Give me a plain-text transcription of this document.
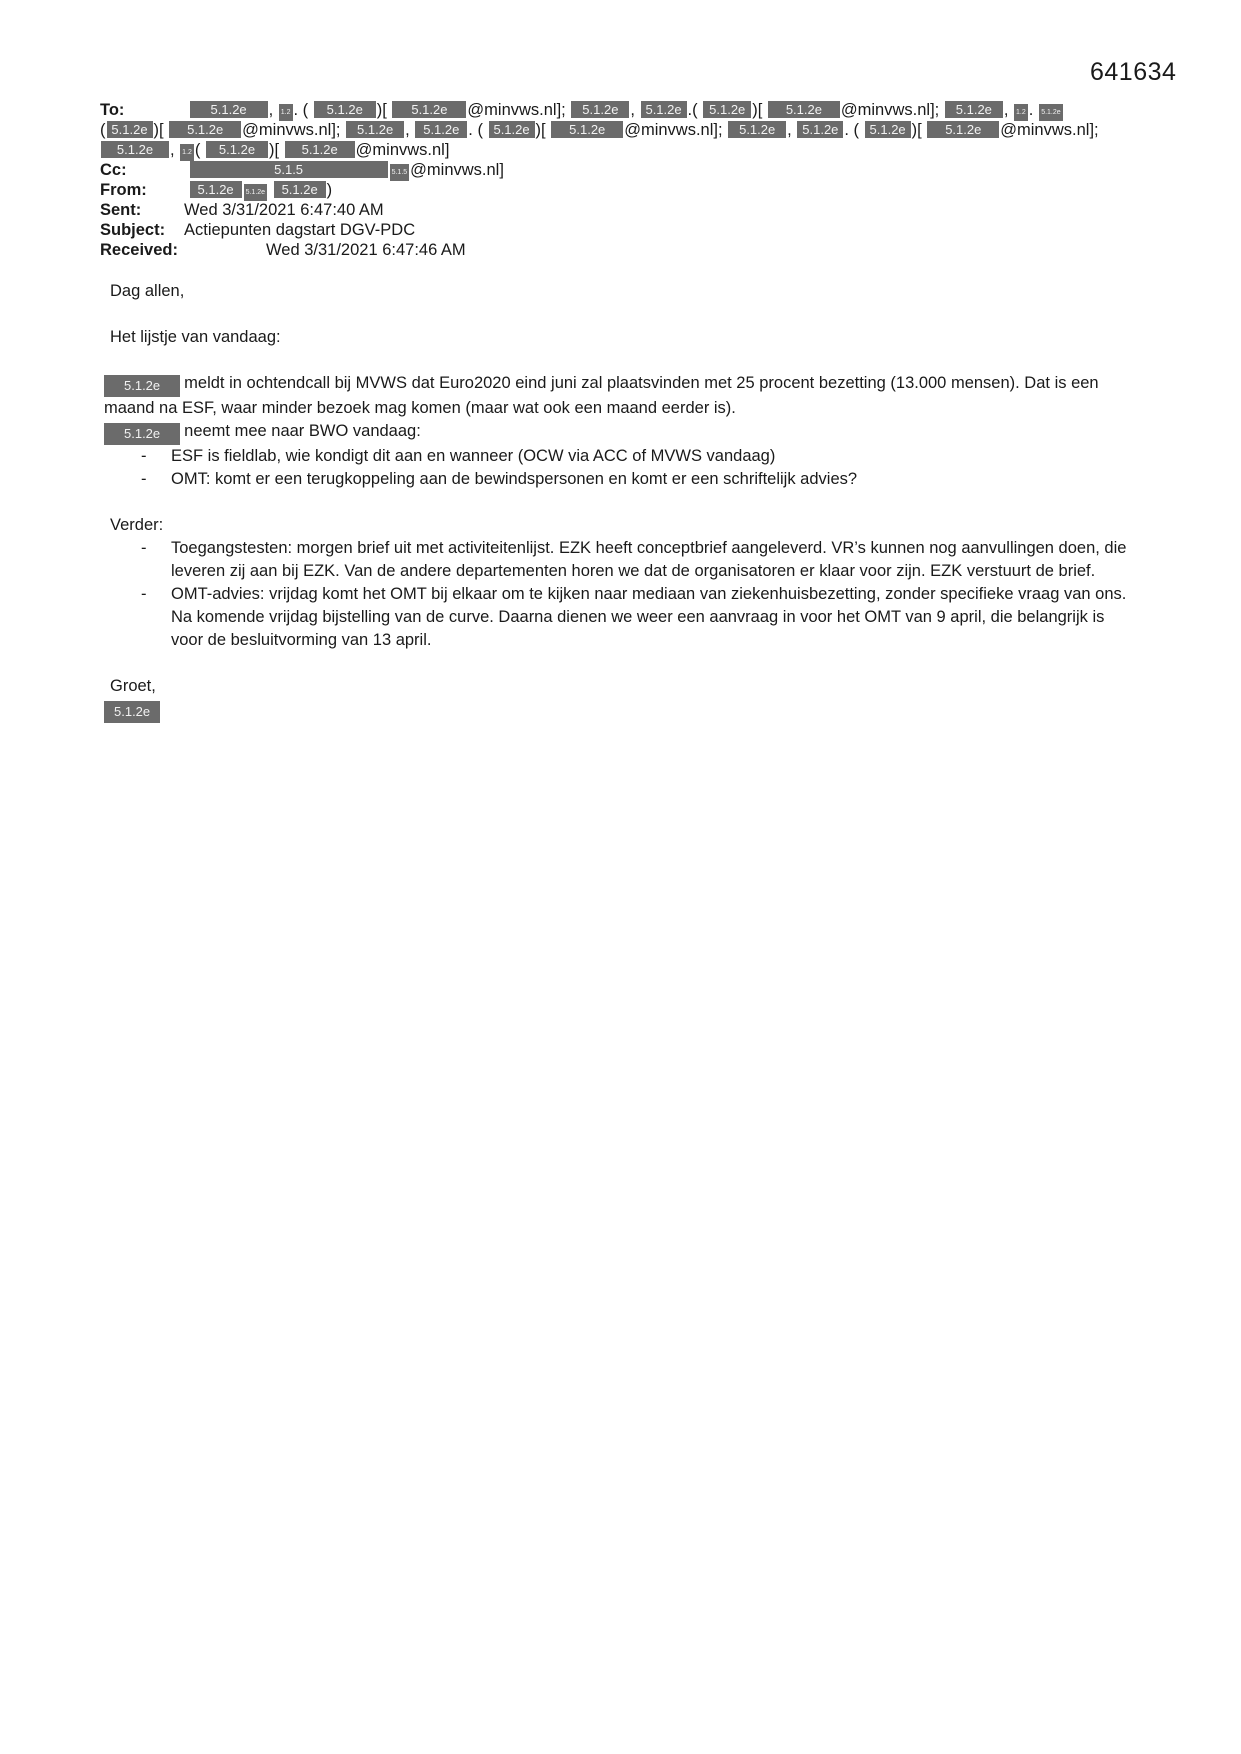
641634
To:	5.1.2e , 1.2 . ( 5.1.2e )[ 5.1.2e @minvws.nl]; 5.1.2e , 5.1.2e .( 5.1.2e )[ 5.1.2e @minvws.nl]; 5.1.2e , 1.2 . 5.1.2e
( 5.1.2e )[ 5.1.2e @minvws.nl]; 5.1.2e , 5.1.2e . ( 5.1.2e )[ 5.1.2e @minvws.nl]; 5.1.2e , 5.1.2e . ( 5.1.2e )[ 5.1.2e @minvws.nl];
5.1.2e , 1.2 ( 5.1.2e )[ 5.1.2e @minvws.nl]
Cc:	5.1.5	5.1.5 @minvws.nl]
From:	5.1.2e 5.1.2e 5.1.2e )
Sent:	Wed 3/31/2021 6:47:40 AM
Subject: Actiepunten dagstart DGV-PDC
Received:	Wed 3/31/2021 6:47:46 AM

Dag allen,

Het lijstje van vandaag:

5.1.2e meldt in ochtendcall bij MVWS dat Euro2020 eind juni zal plaatsvinden met 25 procent bezetting (13.000 mensen). Dat is een maand na ESF, waar minder bezoek mag komen (maar wat ook een maand eerder is).

5.1.2e neemt mee naar BWO vandaag:

- ESF is fieldlab, wie kondigt dit aan en wanneer (OCW via ACC of MVWS vandaag)
- OMT: komt er een terugkoppeling aan de bewindspersonen en komt er een schriftelijk advies?

Verder:

- Toegangstesten: morgen brief uit met activiteitenlijst. EZK heeft conceptbrief aangeleverd. VR’s kunnen nog aanvullingen doen, die leveren zij aan bij EZK. Van de andere departementen horen we dat de organisatoren er klaar voor zijn. EZK verstuurt de brief.
- OMT-advies: vrijdag komt het OMT bij elkaar om te kijken naar mediaan van ziekenhuisbezetting, zonder specifieke vraag van ons. Na komende vrijdag bijstelling van de curve. Daarna dienen we weer een aanvraag in voor het OMT van 9 april, die belangrijk is voor de besluitvorming van 13 april.

Groet,

5.1.2e
